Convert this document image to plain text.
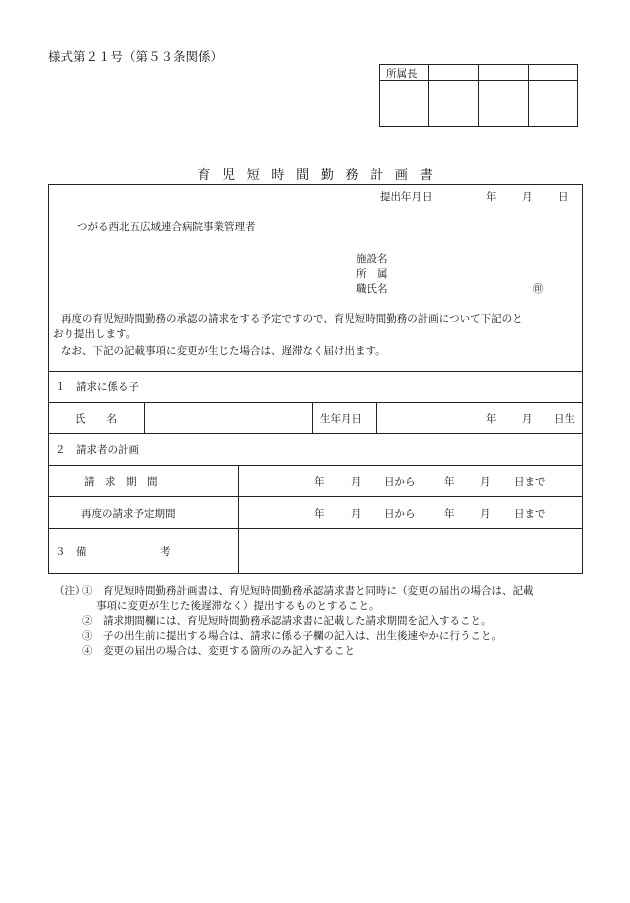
様式第２１号（第５３条関係）
所属長
育児短時間勤務計画書
提出年月日	年 月 日
つがる西北五広域連合病院事業管理者
施設名
所　属
職氏名	㊞
再度の育児短時間勤務の承認の請求をする予定ですので、育児短時間勤務の計画について下記のと
おり提出します。
なお、下記の記載事項に変更が生じた場合は、遅滞なく届け出ます。
１　請求に係る子
氏　　名	生年月日	年 月 日生
２　請求者の計画
請　求　期　間	年	月 日から	年 月 日まで
再度の請求予定期間	年	月 日から	年 月 日まで
３　備　　　　　　　考
（注）
①　育児短時間勤務計画書は、育児短時間勤務承認請求書と同時に（変更の届出の場合は、記載
事項に変更が生じた後遅滞なく）提出するものとすること。
②　請求期間欄には、育児短時間勤務承認請求書に記載した請求期間を記入すること。
③　子の出生前に提出する場合は、請求に係る子欄の記入は、出生後速やかに行うこと。
④　変更の届出の場合は、変更する箇所のみ記入すること
